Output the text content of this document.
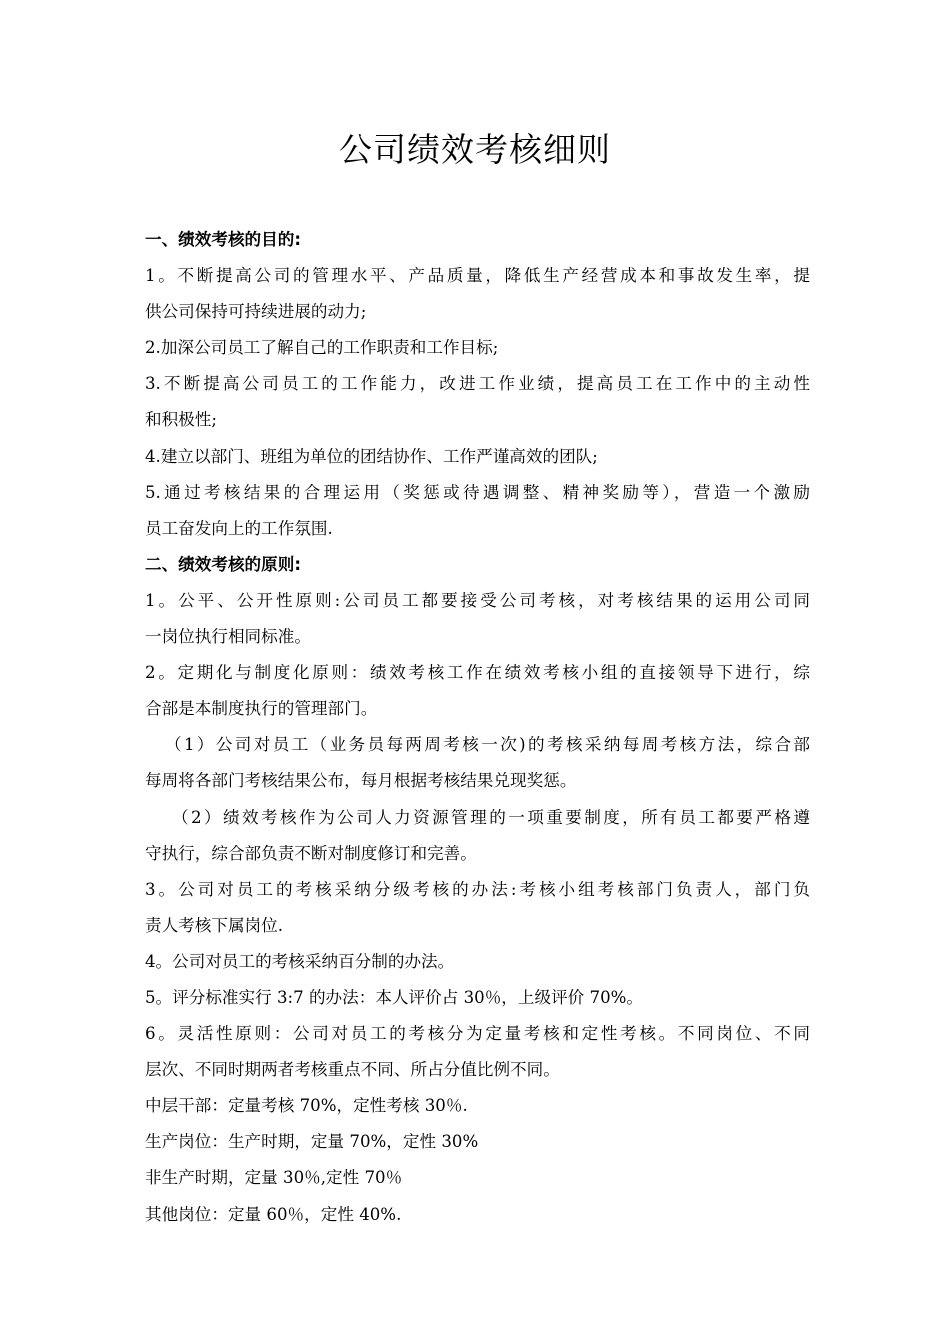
公司绩效考核细则
一、绩效考核的目的:
1。不断提高公司的管理水平、产品质量，降低生产经营成本和事故发生率，提
供公司保持可持续进展的动力;
2.加深公司员工了解自己的工作职责和工作目标;
3.不断提高公司员工的工作能力，改进工作业绩，提高员工在工作中的主动性
和积极性;
4.建立以部门、班组为单位的团结协作、工作严谨高效的团队;
5.通过考核结果的合理运用（奖惩或待遇调整、精神奖励等），营造一个激励
员工奋发向上的工作氛围.
二、绩效考核的原则:
1。公平、公开性原则:公司员工都要接受公司考核，对考核结果的运用公司同
一岗位执行相同标准。
2。定期化与制度化原则：绩效考核工作在绩效考核小组的直接领导下进行，综
合部是本制度执行的管理部门。
（1）公司对员工（业务员每两周考核一次)的考核采纳每周考核方法，综合部
每周将各部门考核结果公布，每月根据考核结果兑现奖惩。
（2）绩效考核作为公司人力资源管理的一项重要制度，所有员工都要严格遵
守执行，综合部负责不断对制度修订和完善。
3。公司对员工的考核采纳分级考核的办法:考核小组考核部门负责人，部门负
责人考核下属岗位.
4。公司对员工的考核采纳百分制的办法。
5。评分标准实行 3:7 的办法：本人评价占 30％，上级评价 70%。
6。灵活性原则：公司对员工的考核分为定量考核和定性考核。不同岗位、不同
层次、不同时期两者考核重点不同、所占分值比例不同。
中层干部：定量考核 70%，定性考核 30％.
生产岗位：生产时期，定量 70%，定性 30%
非生产时期，定量 30％,定性 70％
其他岗位：定量 60％，定性 40%.
